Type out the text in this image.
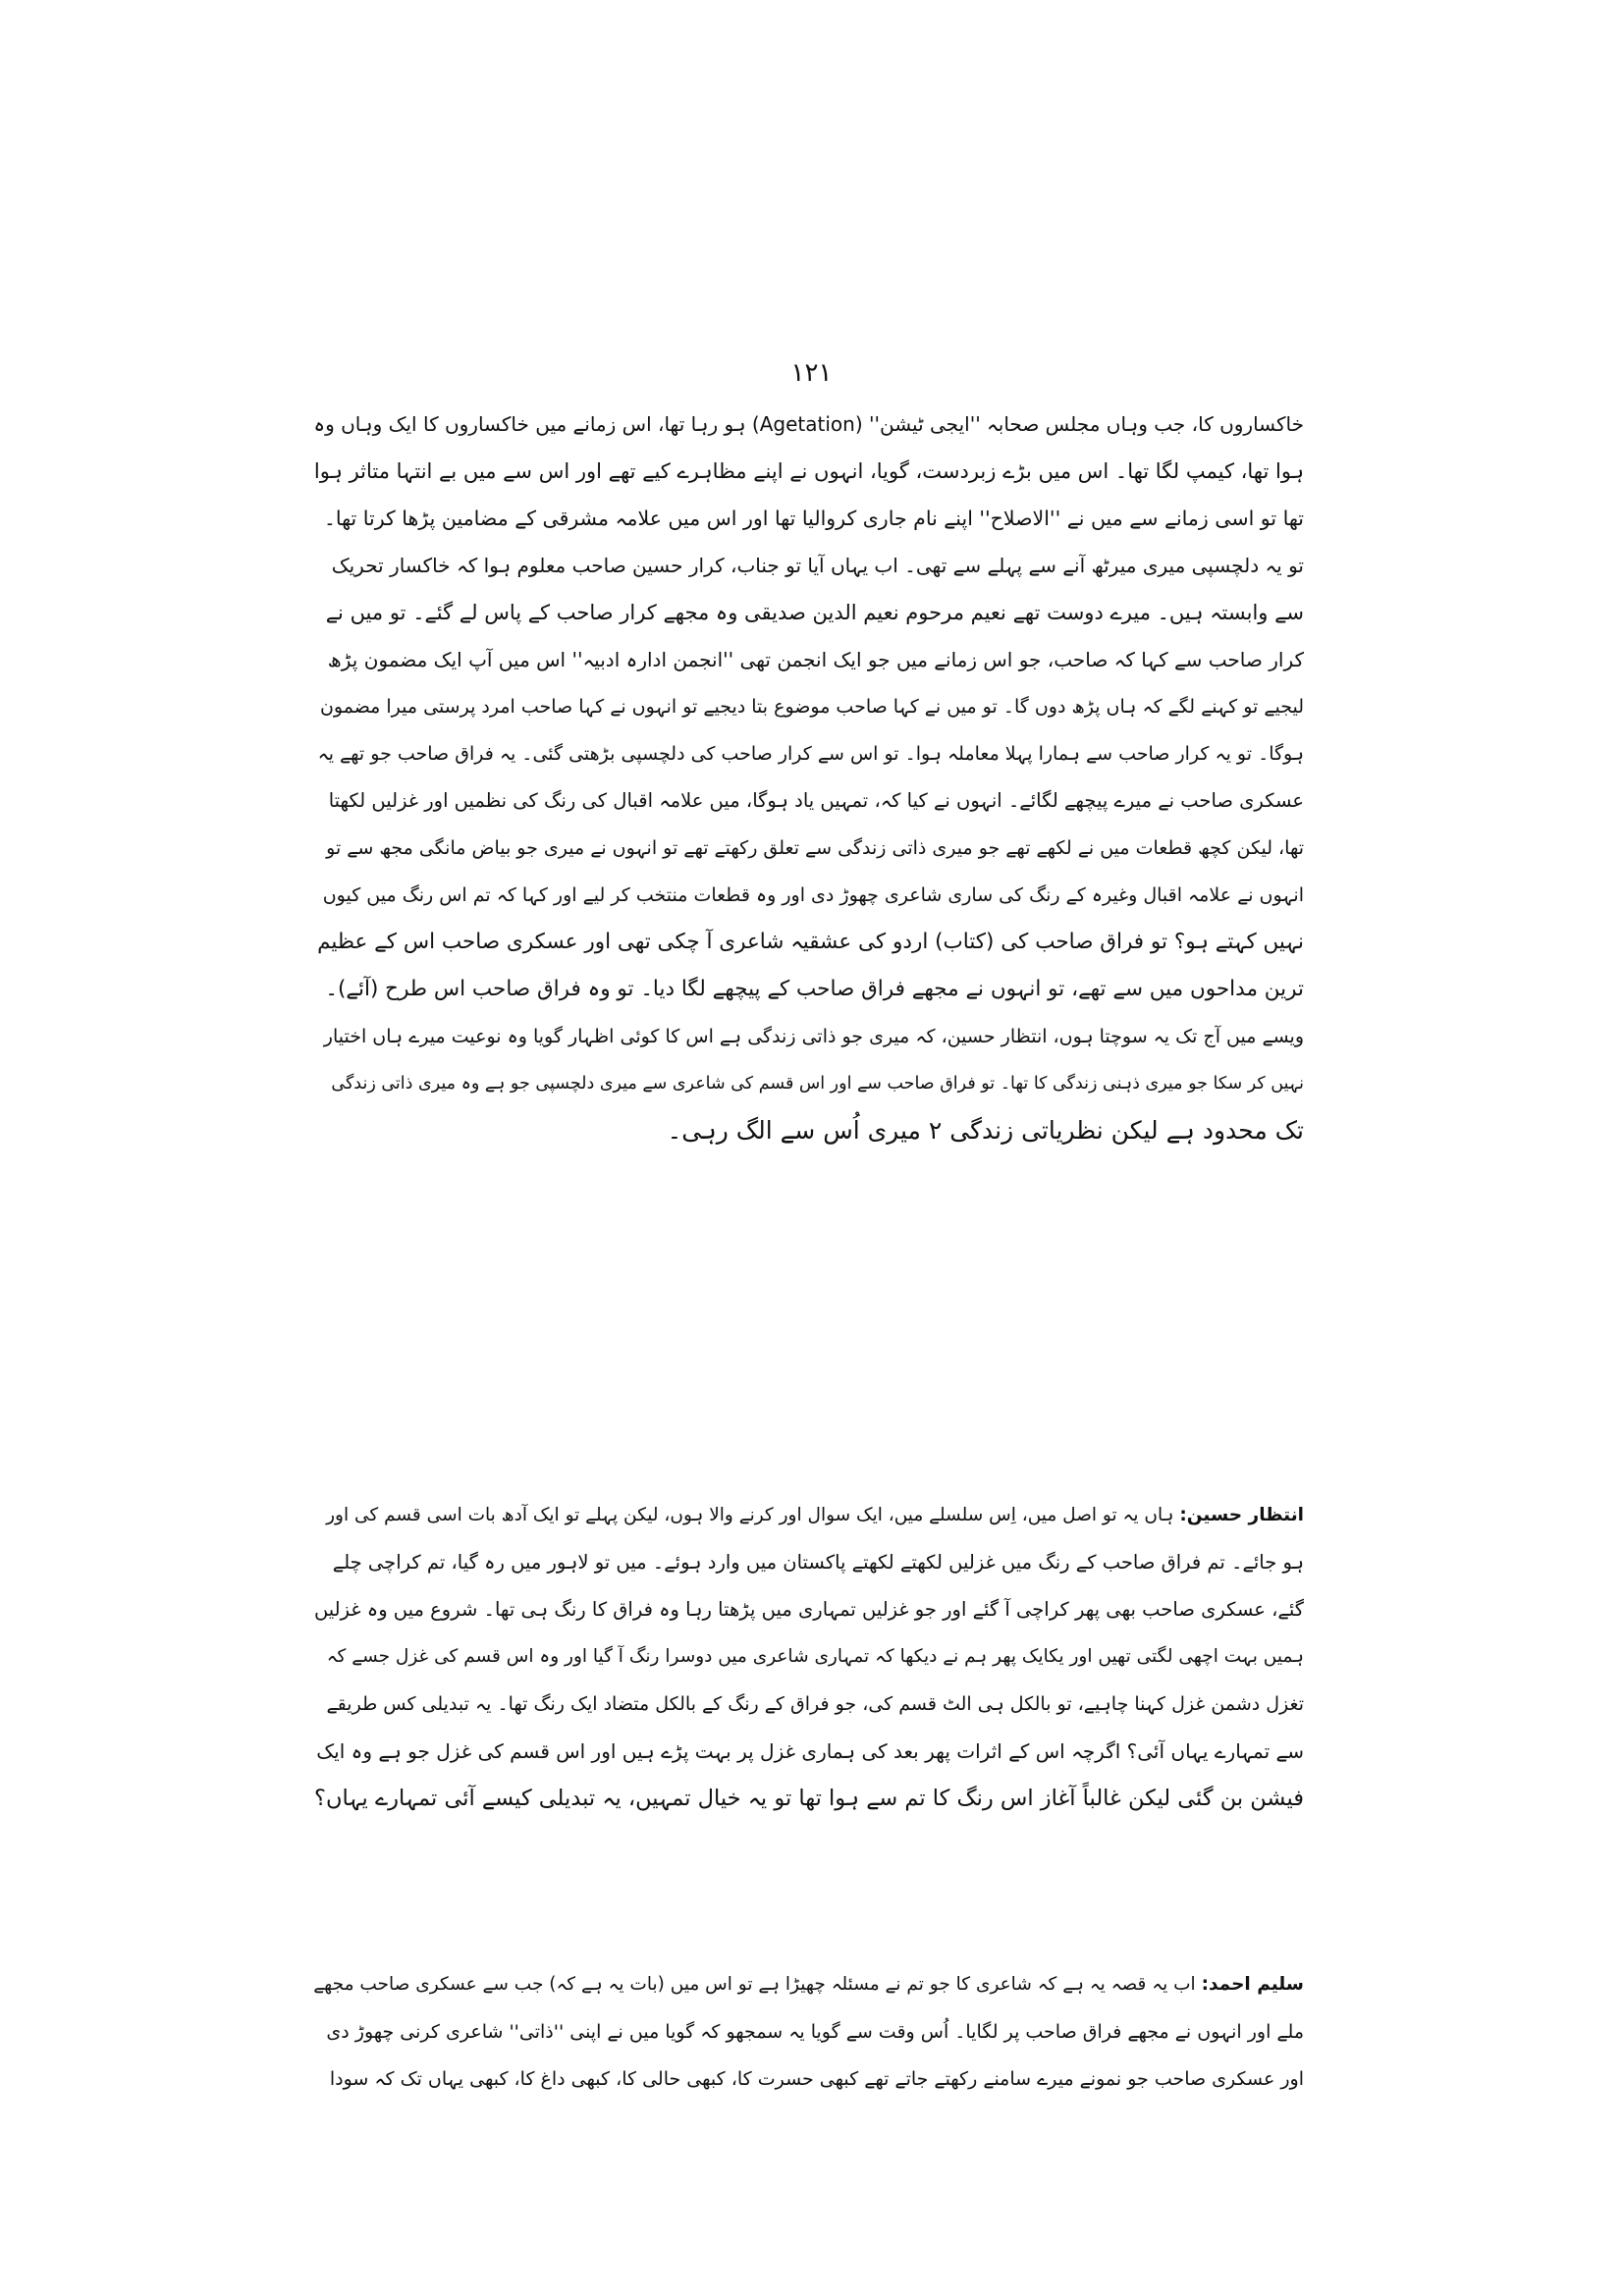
۱۲۱
خاکساروں کا، جب وہاں مجلس صحابہ ''ایجی ٹیشن'' (Agetation) ہو رہا تھا، اس زمانے میں خاکساروں کا ایک وہاں وہ
ہوا تھا، کیمپ لگا تھا۔ اس میں بڑے زبردست، گویا، انہوں نے اپنے مظاہرے کیے تھے اور اس سے میں بے انتہا متاثر ہوا
تھا تو اسی زمانے سے میں نے ''الاصلاح'' اپنے نام جاری کروالیا تھا اور اس میں علامہ مشرقی کے مضامین پڑھا کرتا تھا۔
تو یہ دلچسپی میری میرٹھ آنے سے پہلے سے تھی۔ اب یہاں آیا تو جناب، کرار حسین صاحب معلوم ہوا کہ خاکسار تحریک
سے وابستہ ہیں۔ میرے دوست تھے نعیم مرحوم نعیم الدین صدیقی وہ مجھے کرار صاحب کے پاس لے گئے۔ تو میں نے
کرار صاحب سے کہا کہ صاحب، جو اس زمانے میں جو ایک انجمن تھی ''انجمن ادارہ ادبیہ'' اس میں آپ ایک مضمون پڑھ
لیجیے تو کہنے لگے کہ ہاں پڑھ دوں گا۔ تو میں نے کہا صاحب موضوع بتا دیجیے تو انہوں نے کہا صاحب امرد پرستی میرا مضمون
ہوگا۔ تو یہ کرار صاحب سے ہمارا پہلا معاملہ ہوا۔ تو اس سے کرار صاحب کی دلچسپی بڑھتی گئی۔ یہ فراق صاحب جو تھے یہ
عسکری صاحب نے میرے پیچھے لگائے۔ انہوں نے کیا کہ، تمہیں یاد ہوگا، میں علامہ اقبال کی رنگ کی نظمیں اور غزلیں لکھتا
تھا، لیکن کچھ قطعات میں نے لکھے تھے جو میری ذاتی زندگی سے تعلق رکھتے تھے تو انہوں نے میری جو بیاض مانگی مجھ سے تو
انہوں نے علامہ اقبال وغیرہ کے رنگ کی ساری شاعری چھوڑ دی اور وہ قطعات منتخب کر لیے اور کہا کہ تم اس رنگ میں کیوں
نہیں کہتے ہو؟ تو فراق صاحب کی (کتاب) اردو کی عشقیہ شاعری آ چکی تھی اور عسکری صاحب اس کے عظیم
ترین مداحوں میں سے تھے، تو انہوں نے مجھے فراق صاحب کے پیچھے لگا دیا۔ تو وہ فراق صاحب اس طرح (آئے)۔
ویسے میں آج تک یہ سوچتا ہوں، انتظار حسین، کہ میری جو ذاتی زندگی ہے اس کا کوئی اظہار گویا وہ نوعیت میرے ہاں اختیار
نہیں کر سکا جو میری ذہنی زندگی کا تھا۔ تو فراق صاحب سے اور اس قسم کی شاعری سے میری دلچسپی جو ہے وہ میری ذاتی زندگی
تک محدود ہے لیکن نظریاتی زندگی ۲ میری اُس سے الگ رہی۔
انتظار حسین: ہاں یہ تو اصل میں، اِس سلسلے میں، ایک سوال اور کرنے والا ہوں، لیکن پہلے تو ایک آدھ بات اسی قسم کی اور
ہو جائے۔ تم فراق صاحب کے رنگ میں غزلیں لکھتے لکھتے پاکستان میں وارد ہوئے۔ میں تو لاہور میں رہ گیا، تم کراچی چلے
گئے، عسکری صاحب بھی پھر کراچی آ گئے اور جو غزلیں تمہاری میں پڑھتا رہا وہ فراق کا رنگ ہی تھا۔ شروع میں وہ غزلیں
ہمیں بہت اچھی لگتی تھیں اور یکایک پھر ہم نے دیکھا کہ تمہاری شاعری میں دوسرا رنگ آ گیا اور وہ اس قسم کی غزل جسے کہ
تغزل دشمن غزل کہنا چاہیے، تو بالکل ہی الٹ قسم کی، جو فراق کے رنگ کے بالکل متضاد ایک رنگ تھا۔ یہ تبدیلی کس طریقے
سے تمہارے یہاں آئی؟ اگرچہ اس کے اثرات پھر بعد کی ہماری غزل پر بہت پڑے ہیں اور اس قسم کی غزل جو ہے وہ ایک
فیشن بن گئی لیکن غالباً آغاز اس رنگ کا تم سے ہوا تھا تو یہ خیال تمہیں، یہ تبدیلی کیسے آئی تمہارے یہاں؟
سلیم احمد: اب یہ قصہ یہ ہے کہ شاعری کا جو تم نے مسئلہ چھیڑا ہے تو اس میں (بات یہ ہے کہ) جب سے عسکری صاحب مجھے
ملے اور انہوں نے مجھے فراق صاحب پر لگایا۔ اُس وقت سے گویا یہ سمجھو کہ گویا میں نے اپنی ''ذاتی'' شاعری کرنی چھوڑ دی
اور عسکری صاحب جو نمونے میرے سامنے رکھتے جاتے تھے کبھی حسرت کا، کبھی حالی کا، کبھی داغ کا، کبھی یہاں تک کہ سودا
